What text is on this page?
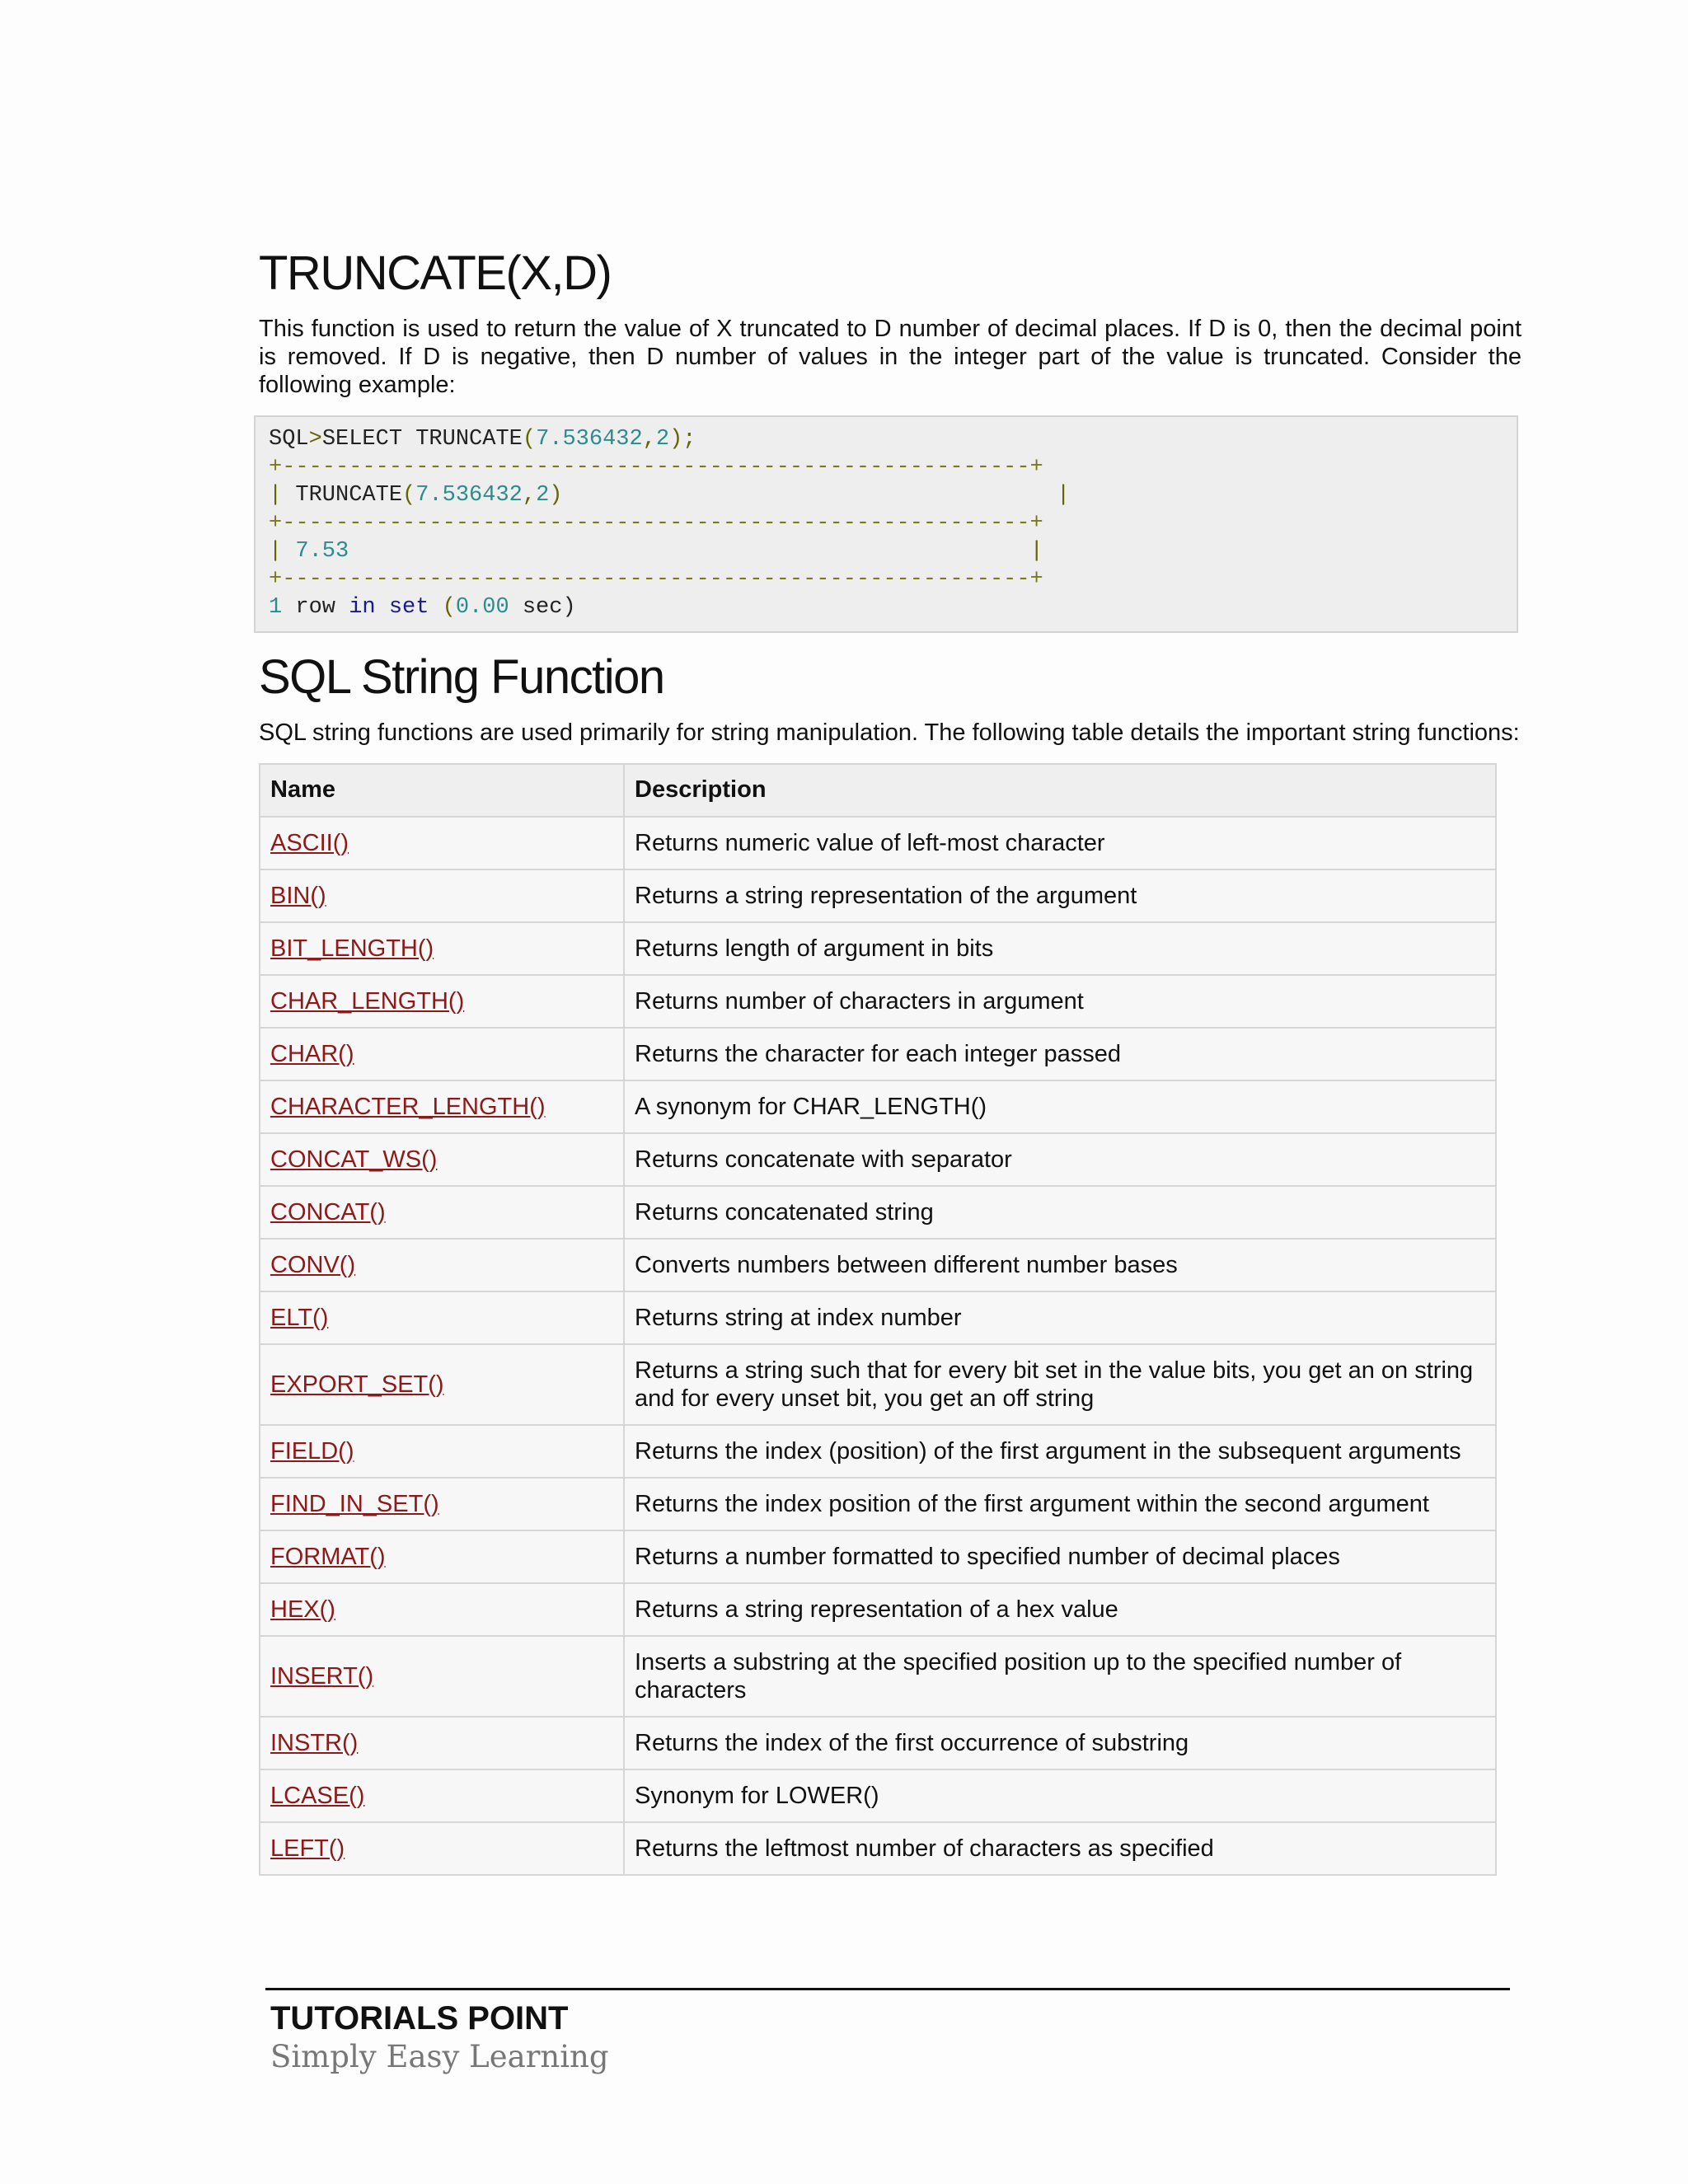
TRUNCATE(X,D)

This function is used to return the value of X truncated to D number of decimal places. If D is 0, then the decimal point is removed. If D is negative, then D number of values in the integer part of the value is truncated. Consider the following example:

SQL>SELECT TRUNCATE(7.536432,2);
+--------------------------------------------------------+
| TRUNCATE(7.536432,2)	|
+--------------------------------------------------------+
| 7.53	|
+--------------------------------------------------------+
1 row in set (0.00 sec)
SQL String Function

SQL string functions are used primarily for string manipulation. The following table details the important string functions:

Name	Description
ASCII()	Returns numeric value of left-most character
BIN()	Returns a string representation of the argument
BIT_LENGTH()	Returns length of argument in bits
CHAR_LENGTH()	Returns number of characters in argument
CHAR()	Returns the character for each integer passed
CHARACTER_LENGTH()	A synonym for CHAR_LENGTH()
CONCAT_WS()	Returns concatenate with separator
CONCAT()	Returns concatenated string
CONV()	Converts numbers between different number bases
ELT()	Returns string at index number
EXPORT_SET()	Returns a string such that for every bit set in the value bits, you get an on string and for every unset bit, you get an off string
FIELD()	Returns the index (position) of the first argument in the subsequent arguments
FIND_IN_SET()	Returns the index position of the first argument within the second argument
FORMAT()	Returns a number formatted to specified number of decimal places
HEX()	Returns a string representation of a hex value
INSERT()	Inserts a substring at the specified position up to the specified number of characters
INSTR()	Returns the index of the first occurrence of substring
LCASE()	Synonym for LOWER()
LEFT()	Returns the leftmost number of characters as specified
TUTORIALS POINT
Simply Easy Learning
